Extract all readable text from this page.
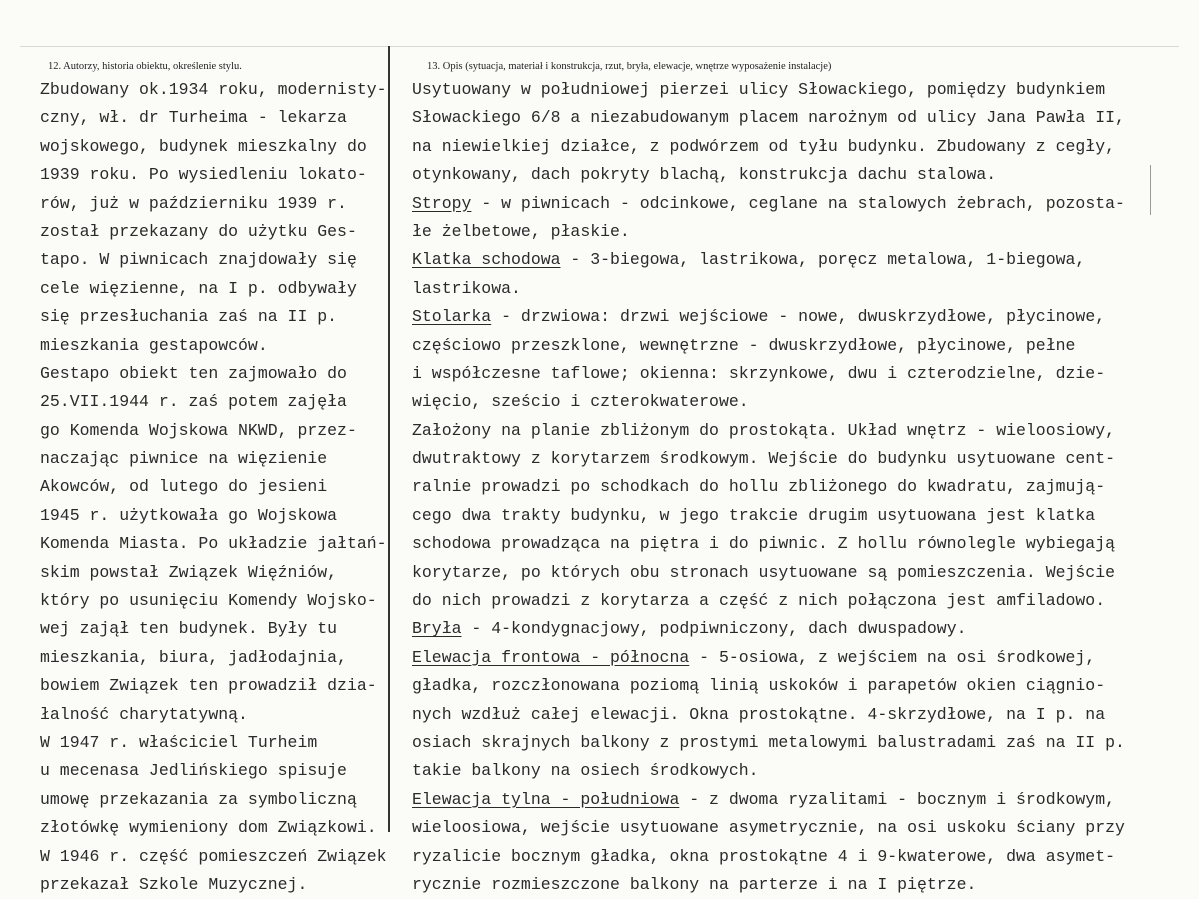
12. Autorzy, historia obiektu, określenie stylu.	13. Opis (sytuacja, materiał i konstrukcja, rzut, bryła, elewacje, wnętrze wyposażenie instalacje)
Zbudowany ok.1934 roku, modernisty-
czny, wł. dr Turheima - lekarza
wojskowego, budynek mieszkalny do
1939 roku. Po wysiedleniu lokato-
rów, już w październiku 1939 r.
został przekazany do użytku Ges-
tapo. W piwnicach znajdowały się
cele więzienne, na I p. odbywały
się przesłuchania zaś na II p.
mieszkania gestapowców.
Gestapo obiekt ten zajmowało do
25.VII.1944 r. zaś potem zajęła
go Komenda Wojskowa NKWD, przez-
naczając piwnice na więzienie
Akowców, od lutego do jesieni
1945 r. użytkowała go Wojskowa
Komenda Miasta. Po układzie jałtań-
skim powstał Związek Więźniów,
który po usunięciu Komendy Wojsko-
wej zajął ten budynek. Były tu
mieszkania, biura, jadłodajnia,
bowiem Związek ten prowadził dzia-
łalność charytatywną.
W 1947 r. właściciel Turheim
u mecenasa Jedlińskiego spisuje
umowę przekazania za symboliczną
złotówkę wymieniony dom Związkowi.
W 1946 r. część pomieszczeń Związek
przekazał Szkole Muzycznej.
Usytuowany w południowej pierzei ulicy Słowackiego, pomiędzy budynkiem
Słowackiego 6/8 a niezabudowanym placem narożnym od ulicy Jana Pawła II,
na niewielkiej działce, z podwórzem od tyłu budynku. Zbudowany z cegły,
otynkowany, dach pokryty blachą, konstrukcja dachu stalowa.
Stropy - w piwnicach - odcinkowe, ceglane na stalowych żebrach, pozosta-
łe żelbetowe, płaskie.
Klatka schodowa - 3-biegowa, lastrikowa, poręcz metalowa, 1-biegowa,
lastrikowa.
Stolarka - drzwiowa: drzwi wejściowe - nowe, dwuskrzydłowe, płycinowe,
częściowo przeszklone, wewnętrzne - dwuskrzydłowe, płycinowe, pełne
i współczesne taflowe; okienna: skrzynkowe, dwu i czterodzielne, dzie-
więcio, sześcio i czterokwaterowe.
Założony na planie zbliżonym do prostokąta. Układ wnętrz - wieloosiowy,
dwutraktowy z korytarzem środkowym. Wejście do budynku usytuowane cent-
ralnie prowadzi po schodkach do hollu zbliżonego do kwadratu, zajmują-
cego dwa trakty budynku, w jego trakcie drugim usytuowana jest klatka
schodowa prowadząca na piętra i do piwnic. Z hollu równolegle wybiegają
korytarze, po których obu stronach usytuowane są pomieszczenia. Wejście
do nich prowadzi z korytarza a część z nich połączona jest amfiladowo.
Bryła - 4-kondygnacjowy, podpiwniczony, dach dwuspadowy.
Elewacja frontowa - północna - 5-osiowa, z wejściem na osi środkowej,
gładka, rozczłonowana poziomą linią uskoków i parapetów okien ciągnio-
nych wzdłuż całej elewacji. Okna prostokątne. 4-skrzydłowe, na I p. na
osiach skrajnych balkony z prostymi metalowymi balustradami zaś na II p.
takie balkony na osiech środkowych.
Elewacja tylna - południowa - z dwoma ryzalitami - bocznym i środkowym,
wieloosiowa, wejście usytuowane asymetrycznie, na osi uskoku ściany przy
ryzalicie bocznym gładka, okna prostokątne 4 i 9-kwaterowe, dwa asymet-
rycznie rozmieszczone balkony na parterze i na I piętrze.
